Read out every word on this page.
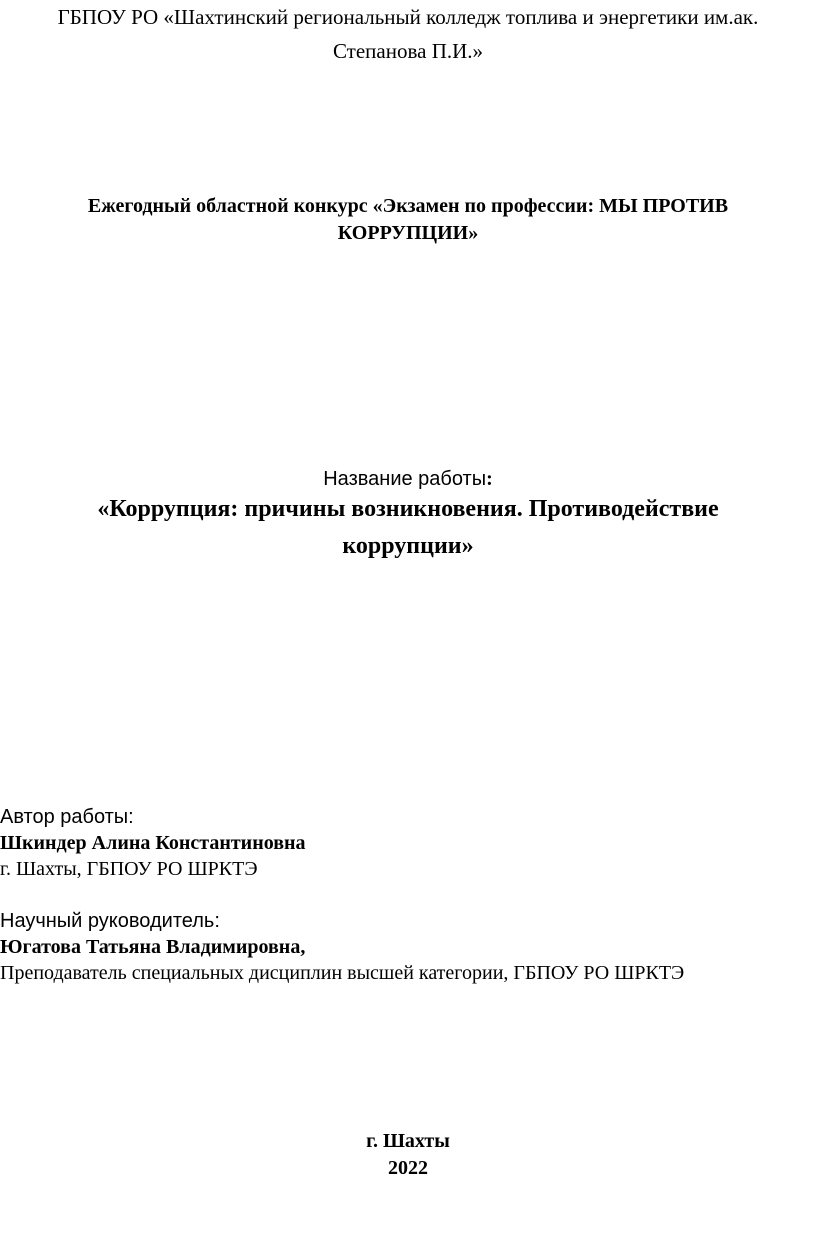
ГБПОУ РО «Шахтинский региональный колледж топлива и энергетики им.ак.
Степанова П.И.»
Ежегодный областной конкурс «Экзамен по профессии: МЫ ПРОТИВ
КОРРУПЦИИ»
Название работы:
«Коррупция: причины возникновения. Противодействие
коррупции»
Автор работы:
Шкиндер Алина Константиновна
г. Шахты, ГБПОУ РО ШРКТЭ
Научный руководитель:
Югатова Татьяна Владимировна,
Преподаватель специальных дисциплин высшей категории, ГБПОУ РО ШРКТЭ
г. Шахты
2022
